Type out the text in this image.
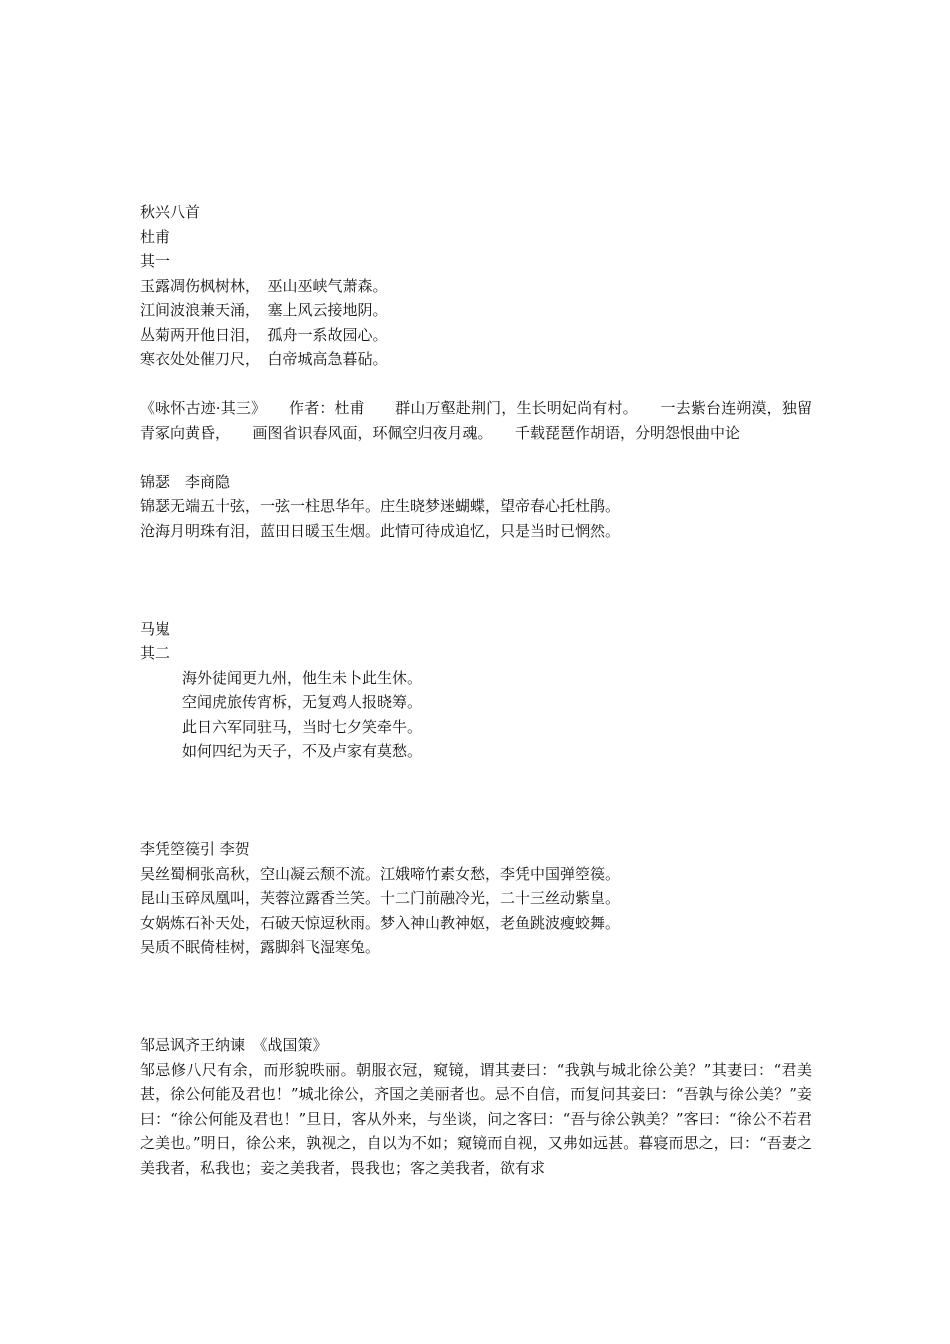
秋兴八首
杜甫
其一
玉露凋伤枫树林，　巫山巫峡气萧森。
江间波浪兼天涌，　塞上风云接地阴。
丛菊两开他日泪，　孤舟一系故园心。
寒衣处处催刀尺，　白帝城高急暮砧。
《咏怀古迹·其三》　　作者：杜甫　　群山万壑赴荆门，生长明妃尚有村。　　一去紫台连朔漠，独留青冢向黄昏，　　画图省识春风面，环佩空归夜月魂。　　千载琵琶作胡语，分明怨恨曲中论
锦瑟　李商隐
锦瑟无端五十弦，一弦一柱思华年。庄生晓梦迷蝴蝶，望帝春心托杜鹃。
沧海月明珠有泪，蓝田日暖玉生烟。此情可待成追忆，只是当时已惘然。
马嵬
其二
海外徒闻更九州，他生未卜此生休。
空闻虎旅传宵柝，无复鸡人报晓筹。
此日六军同驻马，当时七夕笑牵牛。
如何四纪为天子，不及卢家有莫愁。
李凭箜篌引 李贺
吴丝蜀桐张高秋，空山凝云颓不流。江娥啼竹素女愁，李凭中国弹箜篌。
昆山玉碎凤凰叫，芙蓉泣露香兰笑。十二门前融冷光，二十三丝动紫皇。
女娲炼石补天处，石破天惊逗秋雨。梦入神山教神妪，老鱼跳波瘦蛟舞。
吴质不眠倚桂树，露脚斜飞湿寒兔。
邹忌讽齐王纳谏　《战国策》
邹忌修八尺有余，而形貌昳丽。朝服衣冠，窥镜，谓其妻曰：“我孰与城北徐公美？”其妻曰：“君美甚，徐公何能及君也！”城北徐公，齐国之美丽者也。忌不自信，而复问其妾曰：“吾孰与徐公美？”妾曰：“徐公何能及君也！”旦日，客从外来，与坐谈，问之客曰：“吾与徐公孰美？”客曰：“徐公不若君之美也。”明日，徐公来，孰视之，自以为不如；窥镜而自视，又弗如远甚。暮寝而思之，曰：“吾妻之美我者，私我也；妾之美我者，畏我也；客之美我者，欲有求
